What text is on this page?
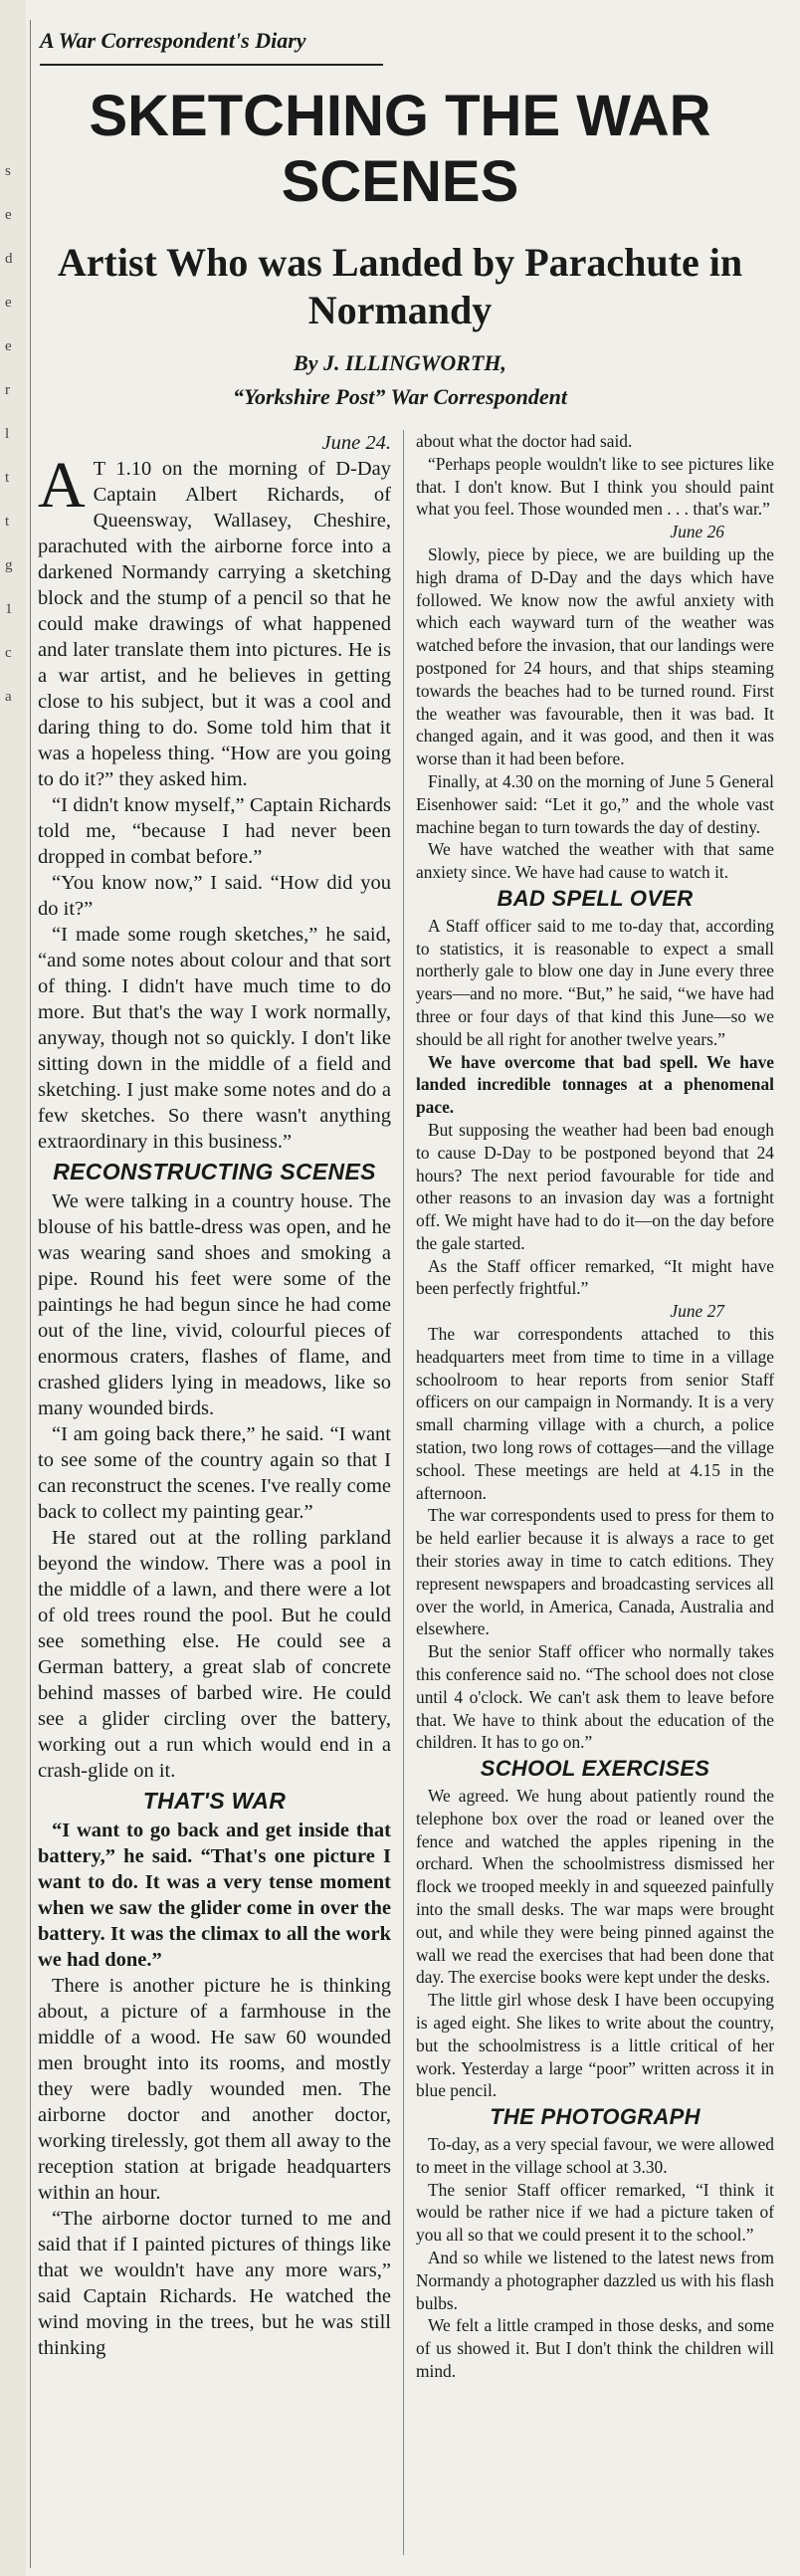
s
e
d
e
e
r
l
t
t
g
1
c
a
A War Correspondent's Diary
SKETCHING THE WAR SCENES
Artist Who was Landed by Parachute in Normandy
By J. ILLINGWORTH,
“Yorkshire Post” War Correspondent

June 24.

A T 1.10 on the morning of D-Day Captain Albert Richards, of Queensway, Wallasey, Cheshire, parachuted with the airborne force into a darkened Normandy carrying a sketching block and the stump of a pencil so that he could make drawings of what happened and later translate them into pictures. He is a war artist, and he believes in getting close to his subject, but it was a cool and daring thing to do. Some told him that it was a hopeless thing. “How are you going to do it?” they asked him.

“I didn't know myself,” Captain Richards told me, “because I had never been dropped in combat before.”

“You know now,” I said. “How did you do it?”

“I made some rough sketches,” he said, “and some notes about colour and that sort of thing. I didn't have much time to do more. But that's the way I work normally, anyway, though not so quickly. I don't like sitting down in the middle of a field and sketching. I just make some notes and do a few sketches. So there wasn't anything extraordinary in this business.”

RECONSTRUCTING SCENES

We were talking in a country house. The blouse of his battle-dress was open, and he was wearing sand shoes and smoking a pipe. Round his feet were some of the paintings he had begun since he had come out of the line, vivid, colourful pieces of enormous craters, flashes of flame, and crashed gliders lying in meadows, like so many wounded birds.

“I am going back there,” he said. “I want to see some of the country again so that I can reconstruct the scenes. I've really come back to collect my painting gear.”

He stared out at the rolling parkland beyond the window. There was a pool in the middle of a lawn, and there were a lot of old trees round the pool. But he could see something else. He could see a German battery, a great slab of concrete behind masses of barbed wire. He could see a glider circling over the battery, working out a run which would end in a crash-glide on it.

THAT'S WAR

“I want to go back and get inside that battery,” he said. “That's one picture I want to do. It was a very tense moment when we saw the glider come in over the battery. It was the climax to all the work we had done.”

There is another picture he is thinking about, a picture of a farmhouse in the middle of a wood. He saw 60 wounded men brought into its rooms, and mostly they were badly wounded men. The airborne doctor and another doctor, working tirelessly, got them all away to the reception station at brigade headquarters within an hour.

“The airborne doctor turned to me and said that if I painted pictures of things like that we wouldn't have any more wars,” said Captain Richards. He watched the wind moving in the trees, but he was still thinking

about what the doctor had said.

“Perhaps people wouldn't like to see pictures like that. I don't know. But I think you should paint what you feel. Those wounded men . . . that's war.”

June 26

Slowly, piece by piece, we are building up the high drama of D-Day and the days which have followed. We know now the awful anxiety with which each wayward turn of the weather was watched before the invasion, that our landings were postponed for 24 hours, and that ships steaming towards the beaches had to be turned round. First the weather was favourable, then it was bad. It changed again, and it was good, and then it was worse than it had been before.

Finally, at 4.30 on the morning of June 5 General Eisenhower said: “Let it go,” and the whole vast machine began to turn towards the day of destiny.

We have watched the weather with that same anxiety since. We have had cause to watch it.

BAD SPELL OVER

A Staff officer said to me to-day that, according to statistics, it is reasonable to expect a small northerly gale to blow one day in June every three years—and no more. “But,” he said, “we have had three or four days of that kind this June—so we should be all right for another twelve years.”

We have overcome that bad spell. We have landed incredible tonnages at a phenomenal pace.

But supposing the weather had been bad enough to cause D-Day to be postponed beyond that 24 hours? The next period favourable for tide and other reasons to an invasion day was a fortnight off. We might have had to do it—on the day before the gale started.

As the Staff officer remarked, “It might have been perfectly frightful.”

June 27

The war correspondents attached to this headquarters meet from time to time in a village schoolroom to hear reports from senior Staff officers on our campaign in Normandy. It is a very small charming village with a church, a police station, two long rows of cottages—and the village school. These meetings are held at 4.15 in the afternoon.

The war correspondents used to press for them to be held earlier because it is always a race to get their stories away in time to catch editions. They represent newspapers and broadcasting services all over the world, in America, Canada, Australia and elsewhere.

But the senior Staff officer who normally takes this conference said no. “The school does not close until 4 o'clock. We can't ask them to leave before that. We have to think about the education of the children. It has to go on.”

SCHOOL EXERCISES

We agreed. We hung about patiently round the telephone box over the road or leaned over the fence and watched the apples ripening in the orchard. When the schoolmistress dismissed her flock we trooped meekly in and squeezed painfully into the small desks. The war maps were brought out, and while they were being pinned against the wall we read the exercises that had been done that day. The exercise books were kept under the desks.

The little girl whose desk I have been occupying is aged eight. She likes to write about the country, but the schoolmistress is a little critical of her work. Yesterday a large “poor” written across it in blue pencil.

THE PHOTOGRAPH

To-day, as a very special favour, we were allowed to meet in the village school at 3.30.

The senior Staff officer remarked, “I think it would be rather nice if we had a picture taken of you all so that we could present it to the school.”

And so while we listened to the latest news from Normandy a photographer dazzled us with his flash bulbs.

We felt a little cramped in those desks, and some of us showed it. But I don't think the children will mind.
